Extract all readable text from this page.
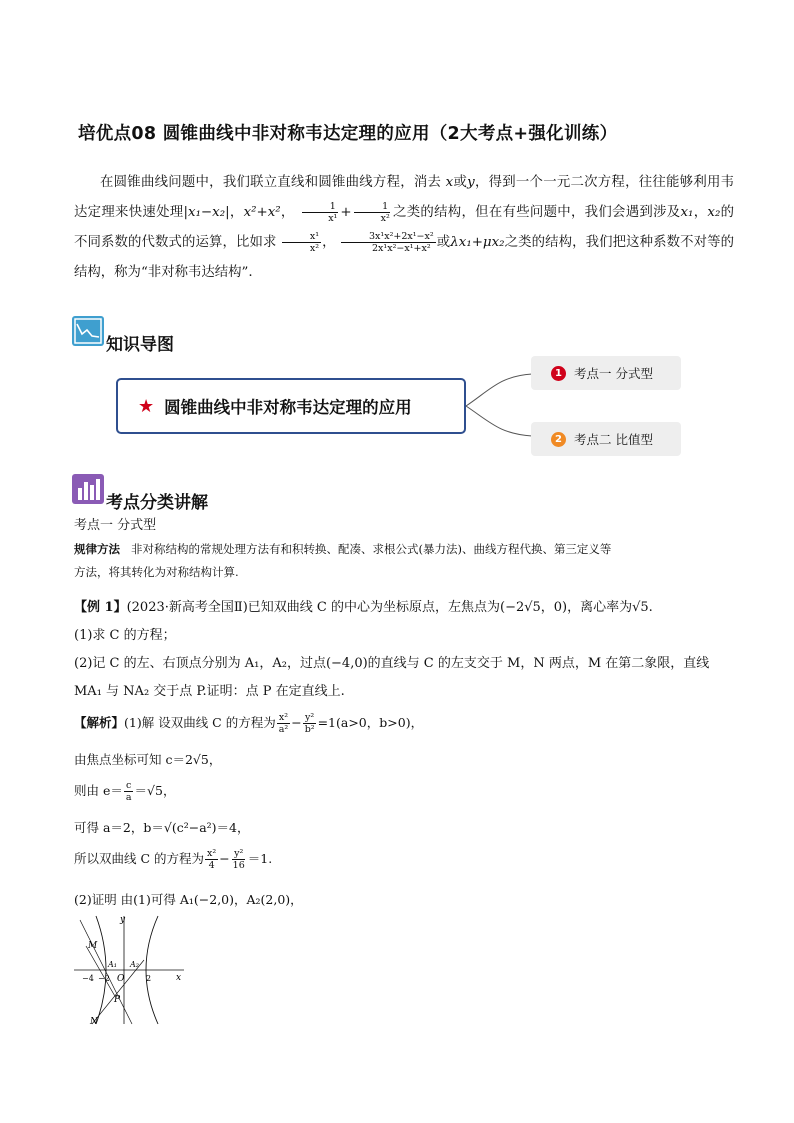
培优点08 圆锥曲线中非对称韦达定理的应用（2大考点+强化训练）
在圆锥曲线问题中，我们联立直线和圆锥曲线方程，消去 x或y，得到一个一元二次方程，往往能够利用韦达定理来快速处理|x₁−x₂|，x²+x²， $\frac{1}{\text{x¹}} + \frac{1}{\text{x²}}$ 之类的结构，但在有些问题中，我们会遇到涉及x₁，x₂的不同系数的代数式的运算，比如求 $\frac{\text{x¹}}{\text{x²}}$ ， $\frac{\text{3x¹x²+2x¹−x²}}{\text{2x¹x²−x¹+x²}}$ 或λx₁+μx₂之类的结构，我们把这种系数不对等的结构，称为“非对称韦达结构”.
知识导图
★ 圆锥曲线中非对称韦达定理的应用
1 考点一 分式型
2 考点二 比值型
考点分类讲解
考点一 分式型
规律方法 非对称结构的常规处理方法有和积转换、配凑、求根公式(暴力法)、曲线方程代换、第三定义等
方法，将其转化为对称结构计算.
【例 1】(2023·新高考全国Ⅱ)已知双曲线 C 的中心为坐标原点，左焦点为(−2√5，0)，离心率为√5.
(1)求 C 的方程；
(2)记 C 的左、右顶点分别为 A₁，A₂，过点(−4,0)的直线与 C 的左支交于 M，N 两点，M 在第二象限，直线
MA₁ 与 NA₂ 交于点 P.证明：点 P 在定直线上.
【解析】(1)解 设双曲线 C 的方程为 $\frac{\text{x²}}{\text{a²}} - \frac{\text{y²}}{\text{b²}} =1(a>0$，b>0)，
由焦点坐标可知 c＝2√5，
则由 $e= \frac{c}{a} =√5$，
可得 a＝2，b＝√(c²−a²)＝4，
所以双曲线 C 的方程为 $\frac{\text{x²}}{4} - \frac{\text{y²}}{16} =1$.
(2)证明 由(1)可得 A₁(−2,0)，A₂(2,0)，
y
x
M
N
P
O
A₁ A₂
−4 −2	2
